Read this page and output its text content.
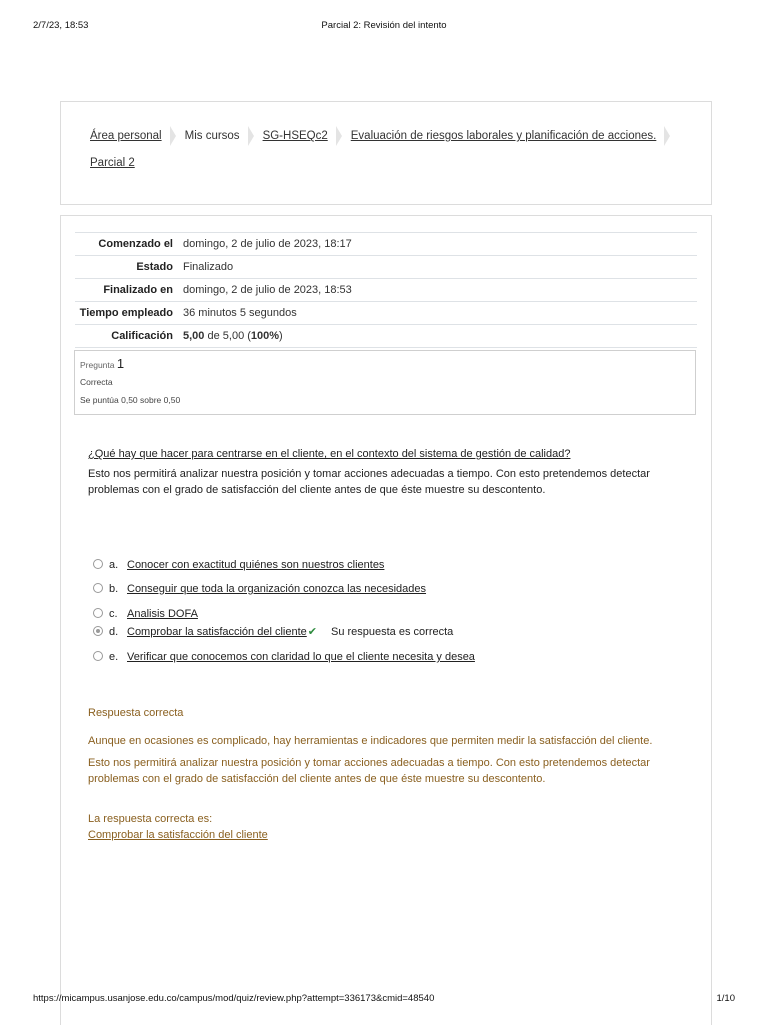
2/7/23, 18:53	Parcial 2: Revisión del intento
Área personal Mis cursos SG-HSEQc2 Evaluación de riesgos laborales y planificación de acciones.
Parcial 2
Comenzado el	domingo, 2 de julio de 2023, 18:17
Estado	Finalizado
Finalizado en	domingo, 2 de julio de 2023, 18:53
Tiempo empleado	36 minutos 5 segundos
Calificación	5,00 de 5,00 (100%)
Pregunta 1
Correcta
Se puntúa 0,50 sobre 0,50
¿Qué hay que hacer para centrarse en el cliente, en el contexto del sistema de gestión de calidad?
Esto nos permitirá analizar nuestra posición y tomar acciones adecuadas a tiempo. Con esto pretendemos detectar problemas con el grado de satisfacción del cliente antes de que éste muestre su descontento.
a. Conocer con exactitud quiénes son nuestros clientes
b. Conseguir que toda la organización conozca las necesidades
c. Analisis DOFA
d. Comprobar la satisfacción del cliente✔ Su respuesta es correcta
e. Verificar que conocemos con claridad lo que el cliente necesita y desea

Respuesta correcta

Aunque en ocasiones es complicado, hay herramientas e indicadores que permiten medir la satisfacción del cliente.

Esto nos permitirá analizar nuestra posición y tomar acciones adecuadas a tiempo. Con esto pretendemos detectar problemas con el grado de satisfacción del cliente antes de que éste muestre su descontento.

La respuesta correcta es:

Comprobar la satisfacción del cliente
https://micampus.usanjose.edu.co/campus/mod/quiz/review.php?attempt=336173&cmid=48540	1/10
